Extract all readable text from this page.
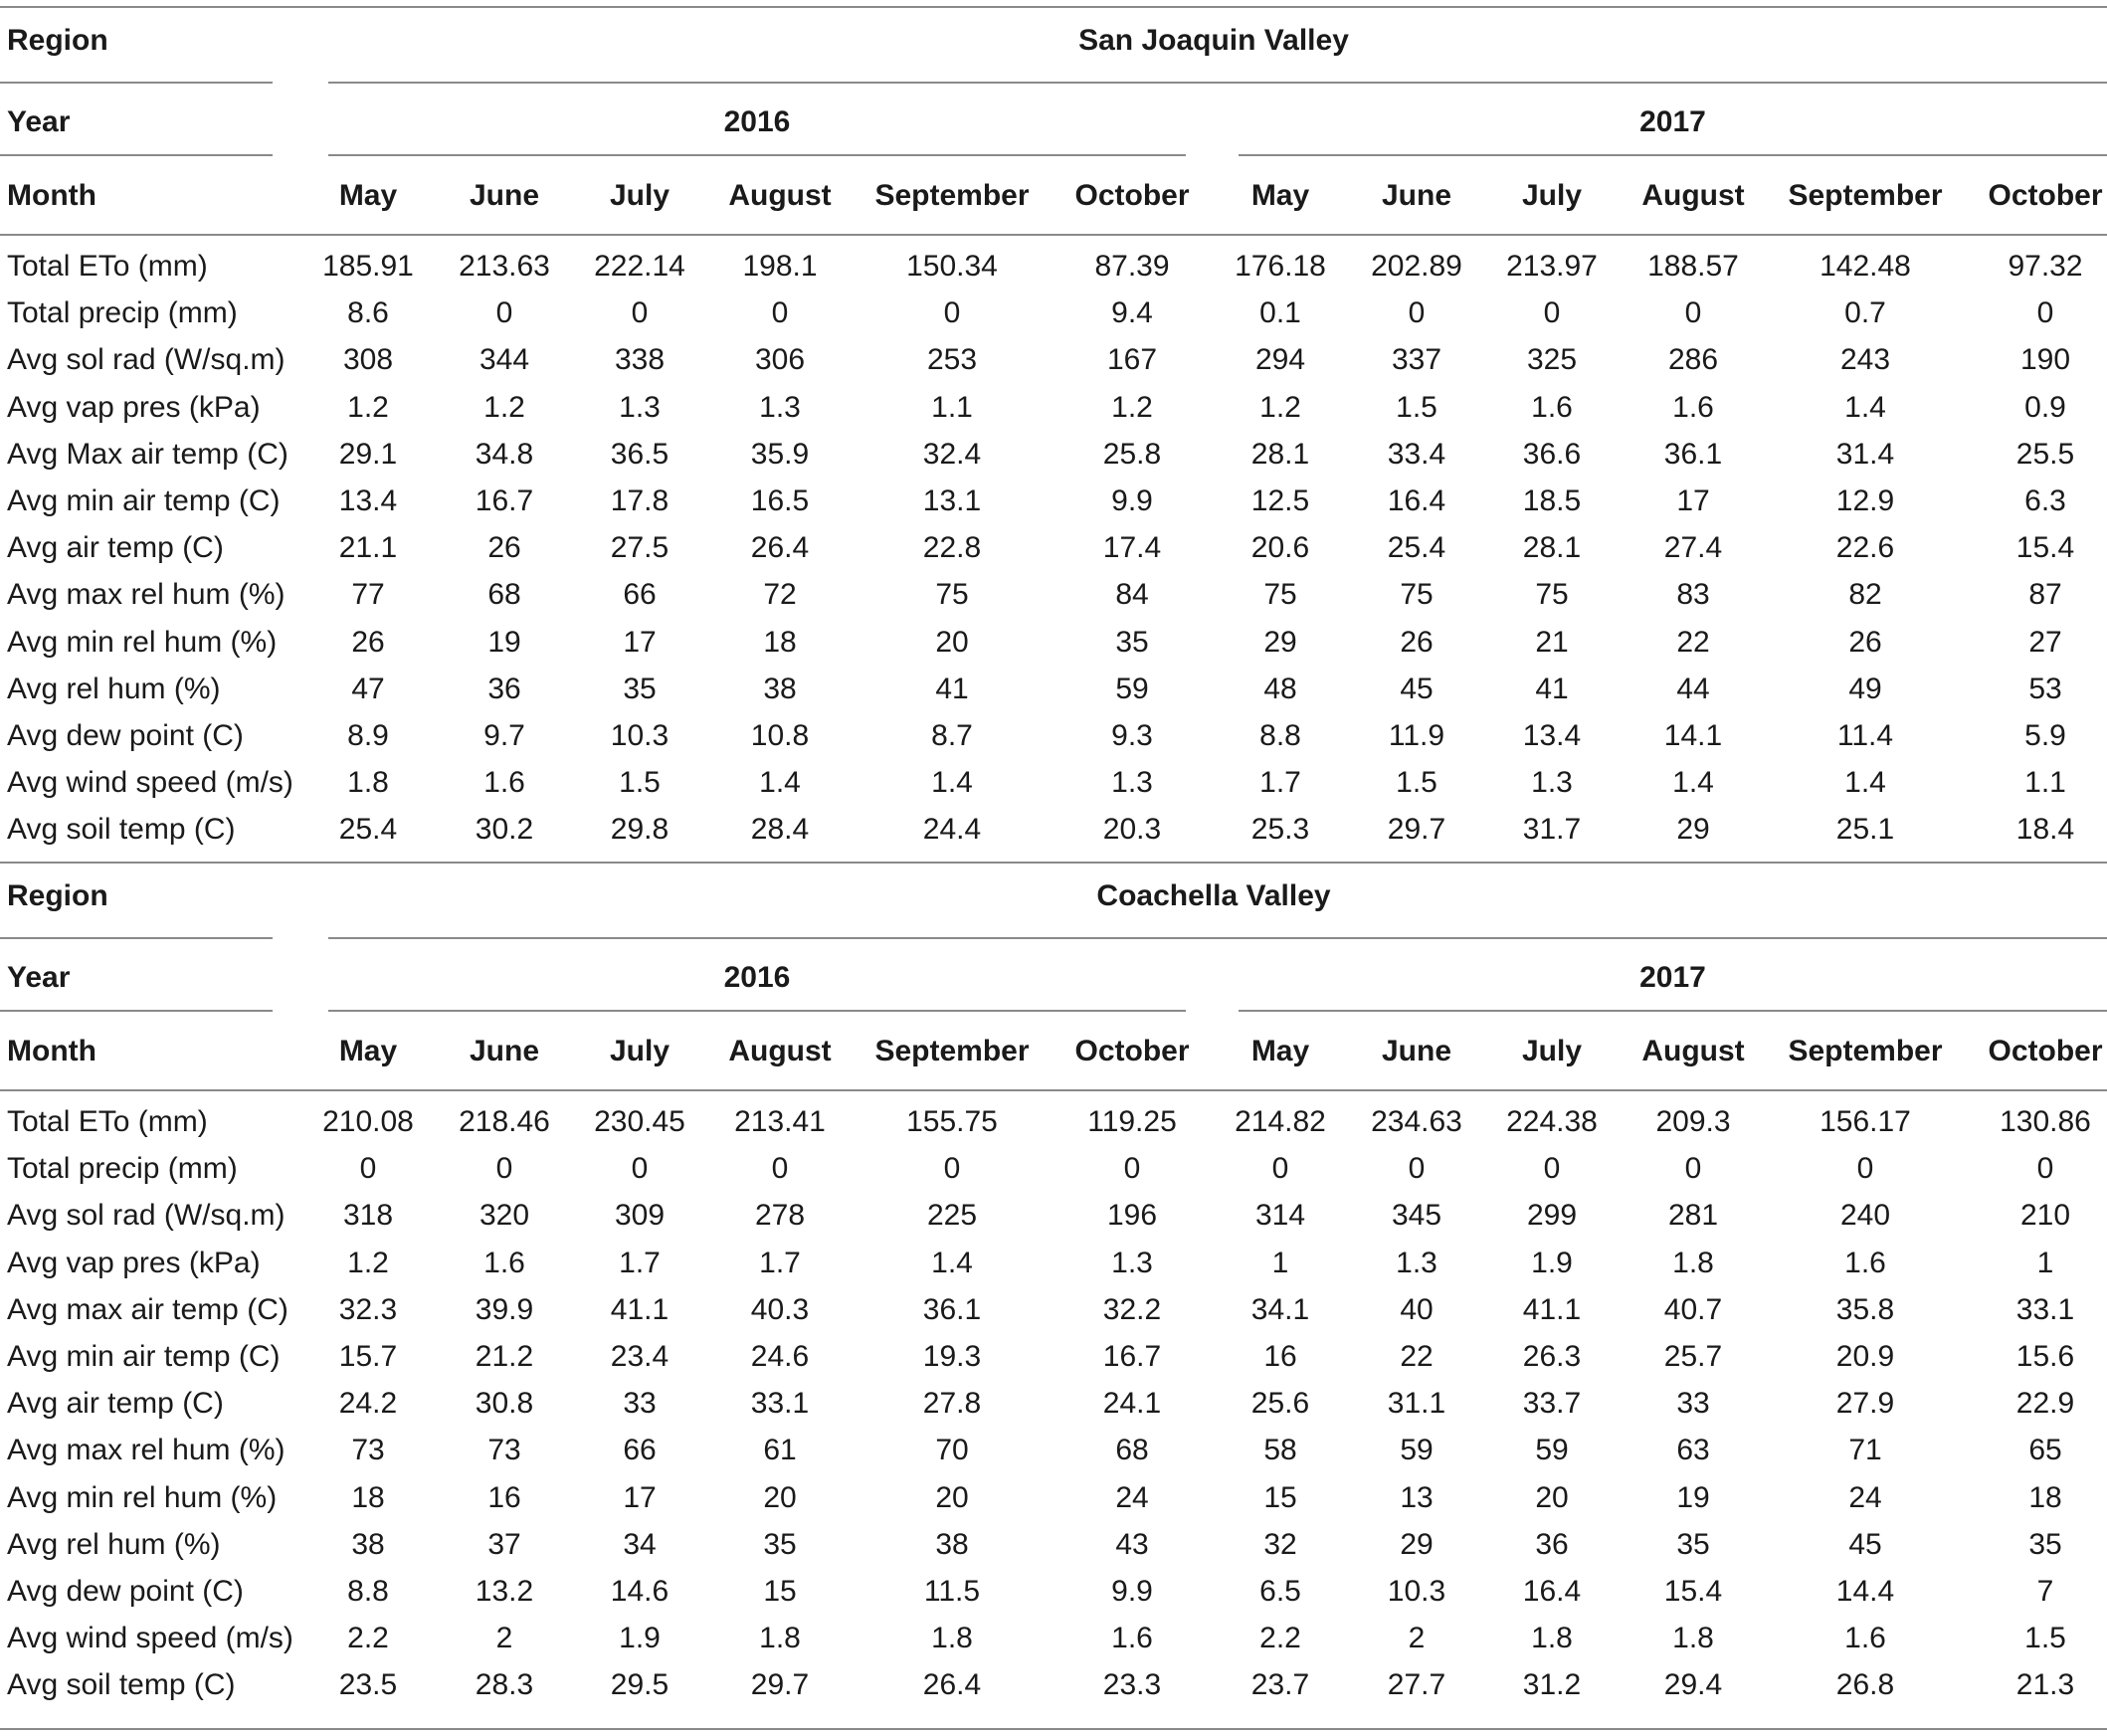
Region	San Joaquin Valley
Year	2016	2017
Month	May	June	July	August	September	October	May	June	July	August	September	October
Total ETo (mm)	185.91	213.63	222.14	198.1	150.34	87.39	176.18	202.89	213.97	188.57	142.48	97.32
Total precip (mm)	8.6	0	0	0	0	9.4	0.1	0	0	0	0.7	0
Avg sol rad (W/sq.m)	308	344	338	306	253	167	294	337	325	286	243	190
Avg vap pres (kPa)	1.2	1.2	1.3	1.3	1.1	1.2	1.2	1.5	1.6	1.6	1.4	0.9
Avg Max air temp (C)	29.1	34.8	36.5	35.9	32.4	25.8	28.1	33.4	36.6	36.1	31.4	25.5
Avg min air temp (C)	13.4	16.7	17.8	16.5	13.1	9.9	12.5	16.4	18.5	17	12.9	6.3
Avg air temp (C)	21.1	26	27.5	26.4	22.8	17.4	20.6	25.4	28.1	27.4	22.6	15.4
Avg max rel hum (%)	77	68	66	72	75	84	75	75	75	83	82	87
Avg min rel hum (%)	26	19	17	18	20	35	29	26	21	22	26	27
Avg rel hum (%)	47	36	35	38	41	59	48	45	41	44	49	53
Avg dew point (C)	8.9	9.7	10.3	10.8	8.7	9.3	8.8	11.9	13.4	14.1	11.4	5.9
Avg wind speed (m/s)	1.8	1.6	1.5	1.4	1.4	1.3	1.7	1.5	1.3	1.4	1.4	1.1
Avg soil temp (C)	25.4	30.2	29.8	28.4	24.4	20.3	25.3	29.7	31.7	29	25.1	18.4
Region	Coachella Valley
Year	2016	2017
Month	May	June	July	August	September	October	May	June	July	August	September	October
Total ETo (mm)	210.08	218.46	230.45	213.41	155.75	119.25	214.82	234.63	224.38	209.3	156.17	130.86
Total precip (mm)	0	0	0	0	0	0	0	0	0	0	0	0
Avg sol rad (W/sq.m)	318	320	309	278	225	196	314	345	299	281	240	210
Avg vap pres (kPa)	1.2	1.6	1.7	1.7	1.4	1.3	1	1.3	1.9	1.8	1.6	1
Avg max air temp (C)	32.3	39.9	41.1	40.3	36.1	32.2	34.1	40	41.1	40.7	35.8	33.1
Avg min air temp (C)	15.7	21.2	23.4	24.6	19.3	16.7	16	22	26.3	25.7	20.9	15.6
Avg air temp (C)	24.2	30.8	33	33.1	27.8	24.1	25.6	31.1	33.7	33	27.9	22.9
Avg max rel hum (%)	73	73	66	61	70	68	58	59	59	63	71	65
Avg min rel hum (%)	18	16	17	20	20	24	15	13	20	19	24	18
Avg rel hum (%)	38	37	34	35	38	43	32	29	36	35	45	35
Avg dew point (C)	8.8	13.2	14.6	15	11.5	9.9	6.5	10.3	16.4	15.4	14.4	7
Avg wind speed (m/s)	2.2	2	1.9	1.8	1.8	1.6	2.2	2	1.8	1.8	1.6	1.5
Avg soil temp (C)	23.5	28.3	29.5	29.7	26.4	23.3	23.7	27.7	31.2	29.4	26.8	21.3
